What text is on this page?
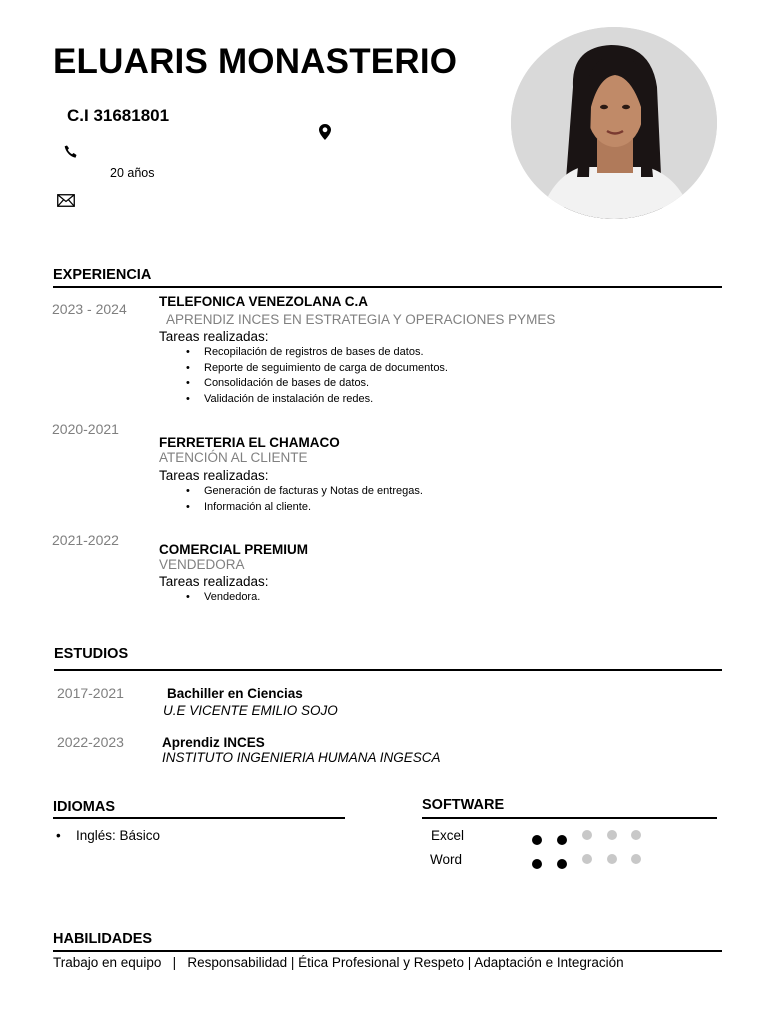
ELUARIS MONASTERIO
C.I 31681801
20 años
EXPERIENCIA
2023 - 2024 TELEFONICA VENEZOLANA C.A
APRENDIZ INCES EN ESTRATEGIA Y OPERACIONES PYMES
Tareas realizadas:
• Recopilación de registros de bases de datos.
• Reporte de seguimiento de carga de documentos.
• Consolidación de bases de datos.
• Validación de instalación de redes.
2020-2021
FERRETERIA EL CHAMACO
ATENCIÓN AL CLIENTE
Tareas realizadas:
• Generación de facturas y Notas de entregas.
• Información al cliente.
2021-2022
COMERCIAL PREMIUM
VENDEDORA
Tareas realizadas:
• Vendedora.
ESTUDIOS
2017-2021	Bachiller en Ciencias
U.E VICENTE EMILIO SOJO
2022-2023	Aprendiz INCES
INSTITUTO INGENIERIA HUMANA INGESCA
IDIOMAS
• Inglés: Básico
SOFTWARE
Excel
Word
HABILIDADES
Trabajo en equipo   |   Responsabilidad | Ética Profesional y Respeto | Adaptación e Integración
